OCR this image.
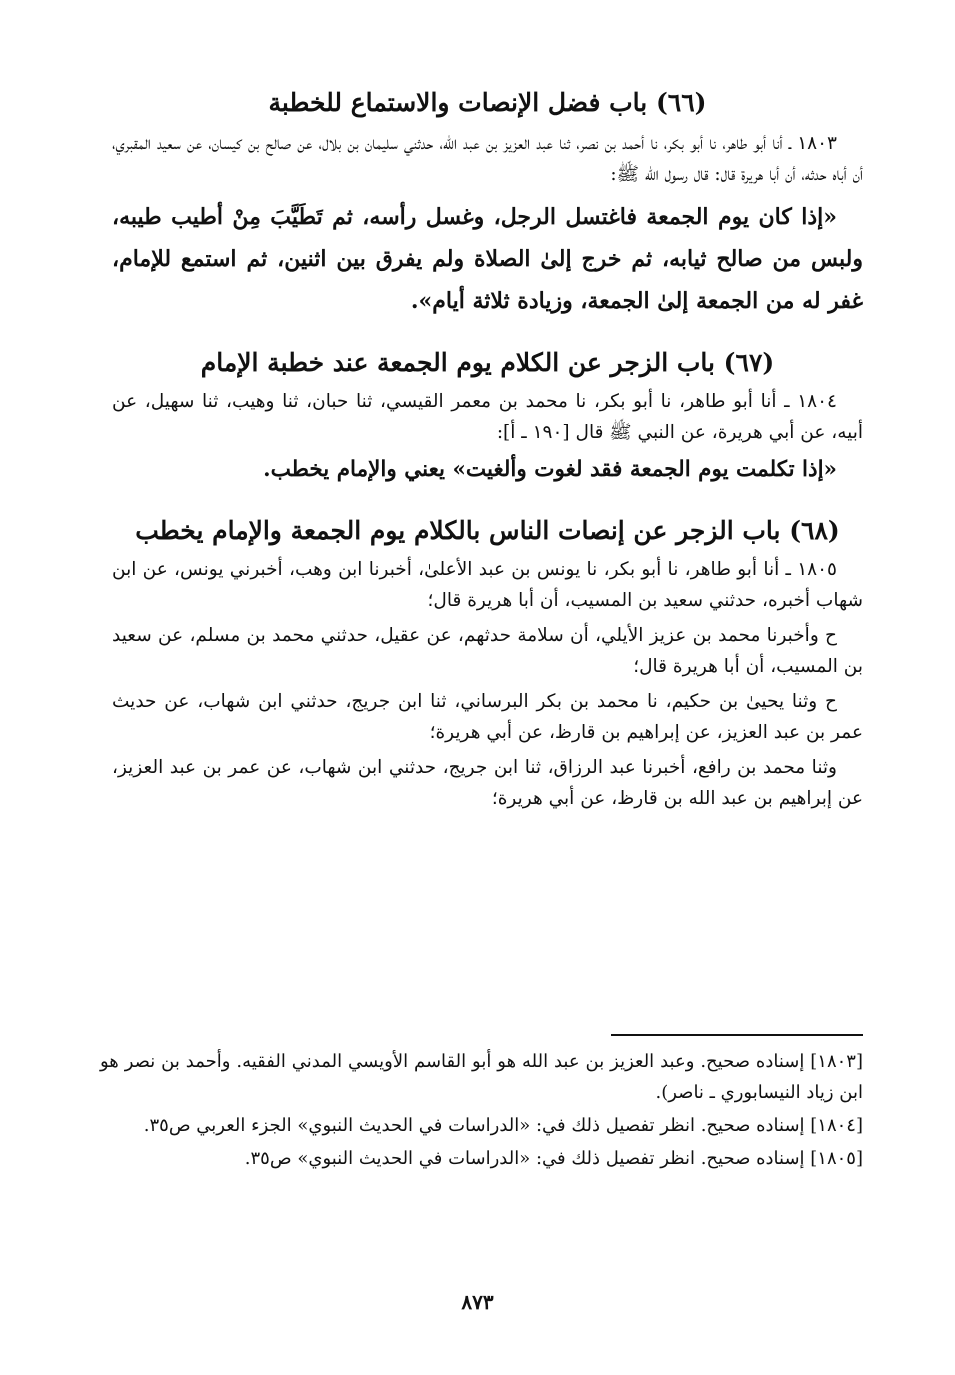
(٦٦) باب فضل الإنصات والاستماع للخطبة

١٨٠٣ ـ أنا أبو طاهر، نا أبو بكر، نا أحمد بن نصر، ثنا عبد العزيز بن عبد الله، حدثني سليمان بن بلال، عن صالح بن كيسان، عن سعيد المقبري، أن أباه حدثه، أن أبا هريرة قال: قال رسول الله ﷺ:

«إذا كان يوم الجمعة فاغتسل الرجل، وغسل رأسه، ثم تَطَيَّبَ مِنْ أطيب طيبه، ولبس من صالح ثيابه، ثم خرج إلىٰ الصلاة ولم يفرق بين اثنين، ثم استمع للإمام، غفر له من الجمعة إلىٰ الجمعة، وزيادة ثلاثة أيام».

(٦٧) باب الزجر عن الكلام يوم الجمعة عند خطبة الإمام

١٨٠٤ ـ أنا أبو طاهر، نا أبو بكر، نا محمد بن معمر القيسي، ثنا حبان، ثنا وهيب، ثنا سهيل، عن أبيه، عن أبي هريرة، عن النبي ﷺ قال [١٩٠ ـ أ]:

«إذا تكلمت يوم الجمعة فقد لغوت وألغيت» يعني والإمام يخطب.

(٦٨) باب الزجر عن إنصات الناس بالكلام يوم الجمعة والإمام يخطب

١٨٠٥ ـ أنا أبو طاهر، نا أبو بكر، نا يونس بن عبد الأعلىٰ، أخبرنا ابن وهب، أخبرني يونس، عن ابن شهاب أخبره، حدثني سعيد بن المسيب، أن أبا هريرة قال؛

ح وأخبرنا محمد بن عزيز الأيلي، أن سلامة حدثهم، عن عقيل، حدثني محمد بن مسلم، عن سعيد بن المسيب، أن أبا هريرة قال؛

ح وثنا يحيىٰ بن حكيم، نا محمد بن بكر البرساني، ثنا ابن جريج، حدثني ابن شهاب، عن حديث عمر بن عبد العزيز، عن إبراهيم بن قارظ، عن أبي هريرة؛

وثنا محمد بن رافع، أخبرنا عبد الرزاق، ثنا ابن جريج، حدثني ابن شهاب، عن عمر بن عبد العزيز، عن إبراهيم بن عبد الله بن قارظ، عن أبي هريرة؛

[١٨٠٣] إسناده صحيح. وعبد العزيز بن عبد الله هو أبو القاسم الأويسي المدني الفقيه. وأحمد بن نصر هو ابن زياد النيسابوري ـ ناصر).

[١٨٠٤] إسناده صحيح. انظر تفصيل ذلك في: «الدراسات في الحديث النبوي» الجزء العربي ص٣٥.

[١٨٠٥] إسناده صحيح. انظر تفصيل ذلك في: «الدراسات في الحديث النبوي» ص٣٥.

٨٧٣
